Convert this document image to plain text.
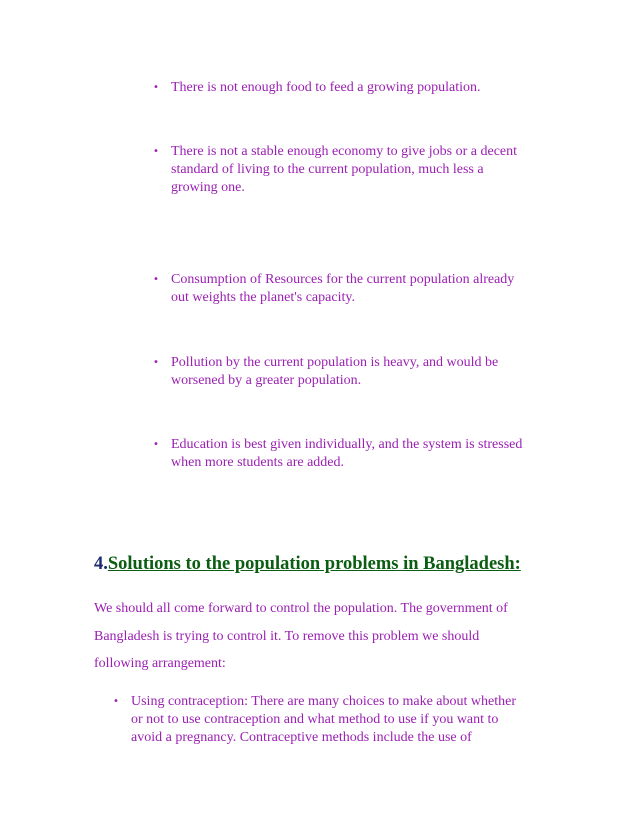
• There is not enough food to feed a growing population.
• There is not a stable enough economy to give jobs or a decent
standard of living to the current population, much less a
growing one.
• Consumption of Resources for the current population already
out weights the planet's capacity.
• Pollution by the current population is heavy, and would be
worsened by a greater population.
• Education is best given individually, and the system is stressed
when more students are added.
4.Solutions to the population problems in Bangladesh:
We should all come forward to control the population. The government of
Bangladesh is trying to control it. To remove this problem we should
following arrangement:
• Using contraception: There are many choices to make about whether
or not to use contraception and what method to use if you want to
avoid a pregnancy. Contraceptive methods include the use of
